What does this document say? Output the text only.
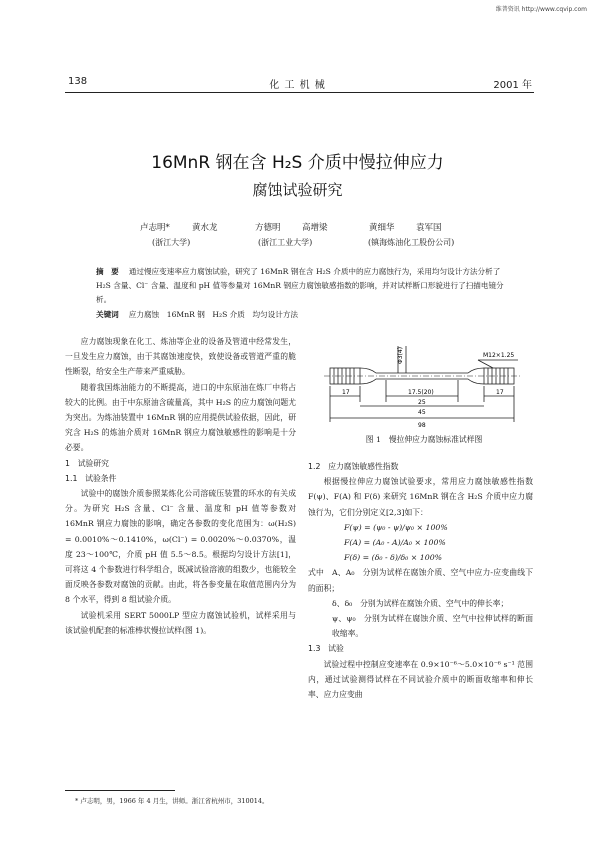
维普资讯 http://www.cqvip.com
138	化 工 机 械	2001 年
16MnR 钢在含 H₂S 介质中慢拉伸应力
腐蚀试验研究
卢志明*	黄水龙	方德明	高增梁	黄细华	袁军国
(浙江大学)	(浙江工业大学)	(镇海炼油化工股份公司)
摘　要 通过慢应变速率应力腐蚀试验，研究了 16MnR 钢在含 H₂S 介质中的应力腐蚀行为，采用均匀设计方法分析了 H₂S 含量、Cl⁻ 含量、温度和 pH 值等参量对 16MnR 钢应力腐蚀敏感指数的影响，并对试样断口形貌进行了扫描电镜分析。
关键词 应力腐蚀　16MnR 钢　H₂S 介质　均匀设计方法

应力腐蚀现象在化工、炼油等企业的设备及管道中经常发生，一旦发生应力腐蚀，由于其腐蚀速度快，致使设备或管道严重的脆性断裂，给安全生产带来严重威胁。

随着我国炼油能力的不断提高，进口的中东原油在炼厂中将占较大的比例。由于中东原油含硫量高，其中 H₂S 的应力腐蚀问题尤为突出。为炼油装置中 16MnR 钢的应用提供试验依据，因此，研究含 H₂S 的炼油介质对 16MnR 钢应力腐蚀敏感性的影响是十分必要。

1　试验研究

1.1　试验条件

试验中的腐蚀介质参照某炼化公司溶硫压装置的环水的有关成分。为研究 H₂S 含量、Cl⁻ 含量、温度和 pH 值等参数对 16MnR 钢应力腐蚀的影响，确定各参数的变化范围为：ω(H₂S) = 0.0010%～0.1410%，ω(Cl⁻) = 0.0020%～0.0370%，温度 23～100℃，介质 pH 值 5.5～8.5。根据均匀设计方法[1]，可将这 4 个参数进行科学组合，既减试验溶液的组数少，也能较全面反映各参数对腐蚀的贡献。由此，将各参变量在取值范围内分为 8 个水平，得到 8 组试验介质。

试验机采用 SERT 5000LP 型应力腐蚀试验机，试样采用与该试验机配套的标准棒状慢拉试样(图 1)。

Φ3(4)
17	17.5(20)
25
17
45
98
M12×1.25
图 1　慢拉伸应力腐蚀标准试样图

1.2　应力腐蚀敏感性指数

根据慢拉伸应力腐蚀试验要求，常用应力腐蚀敏感性指数 F(ψ)、F(A) 和 F(δ) 来研究 16MnR 钢在含 H₂S 介质中应力腐蚀行为，它们分别定义[2,3]如下：

F(ψ) = (ψ₀ - ψ)/ψ₀ × 100%

F(A) = (A₀ - A)/A₀ × 100%

F(δ) = (δ₀ - δ)/δ₀ × 100%

式中　A、A₀　分别为试样在腐蚀介质、空气中应力-应变曲线下的面积；

δ、δ₀　分别为试样在腐蚀介质、空气中的伸长率；

ψ、ψ₀　分别为试样在腐蚀介质、空气中拉伸试样的断面收缩率。

1.3　试验

试验过程中控制应变速率在 0.9×10⁻⁶～5.0×10⁻⁶ s⁻¹ 范围内，通过试验测得试样在不同试验介质中的断面收缩率和伸长率、应力应变曲

* 卢志明，男，1966 年 4 月生，讲师。浙江省杭州市，310014。
